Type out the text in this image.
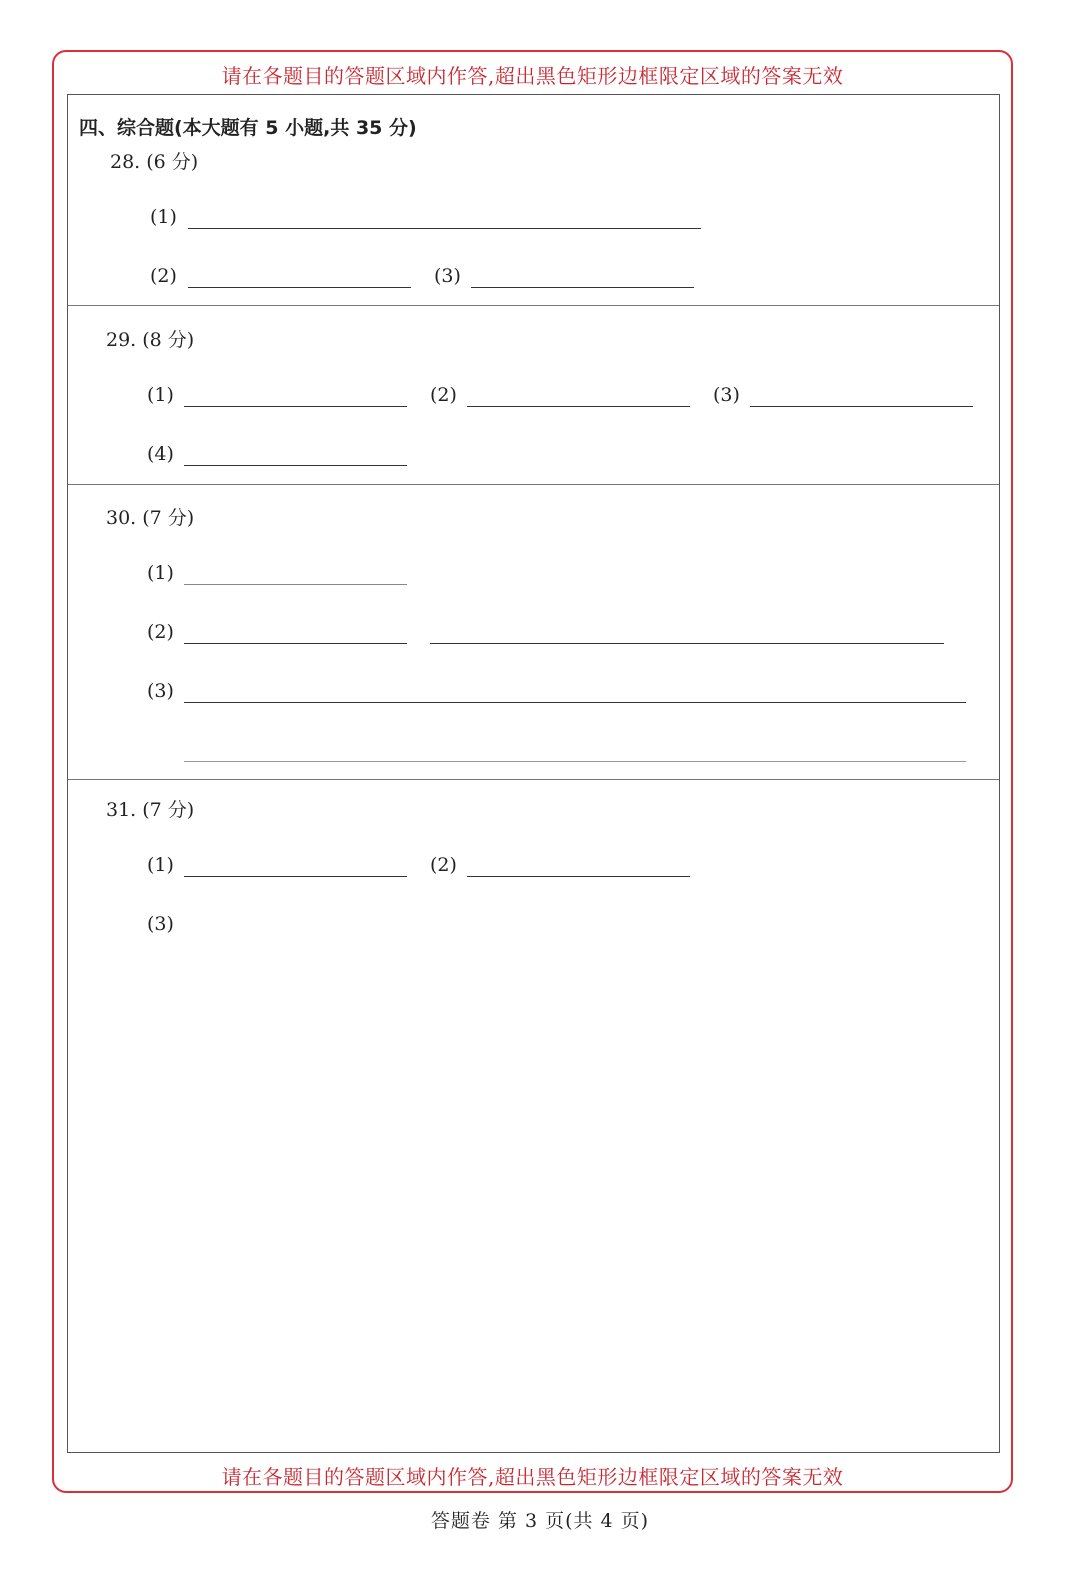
请在各题目的答题区域内作答,超出黑色矩形边框限定区域的答案无效
请在各题目的答题区域内作答,超出黑色矩形边框限定区域的答案无效
四、综合题(本大题有 5 小题,共 35 分)
28. (6 分)
(1)
(2)	(3)
29. (8 分)
(1)	(2)	(3)
(4)
30. (7 分)
(1)
(2)
(3)
31. (7 分)
(1)	(2)
(3)
答题卷 第 3 页(共 4 页)
